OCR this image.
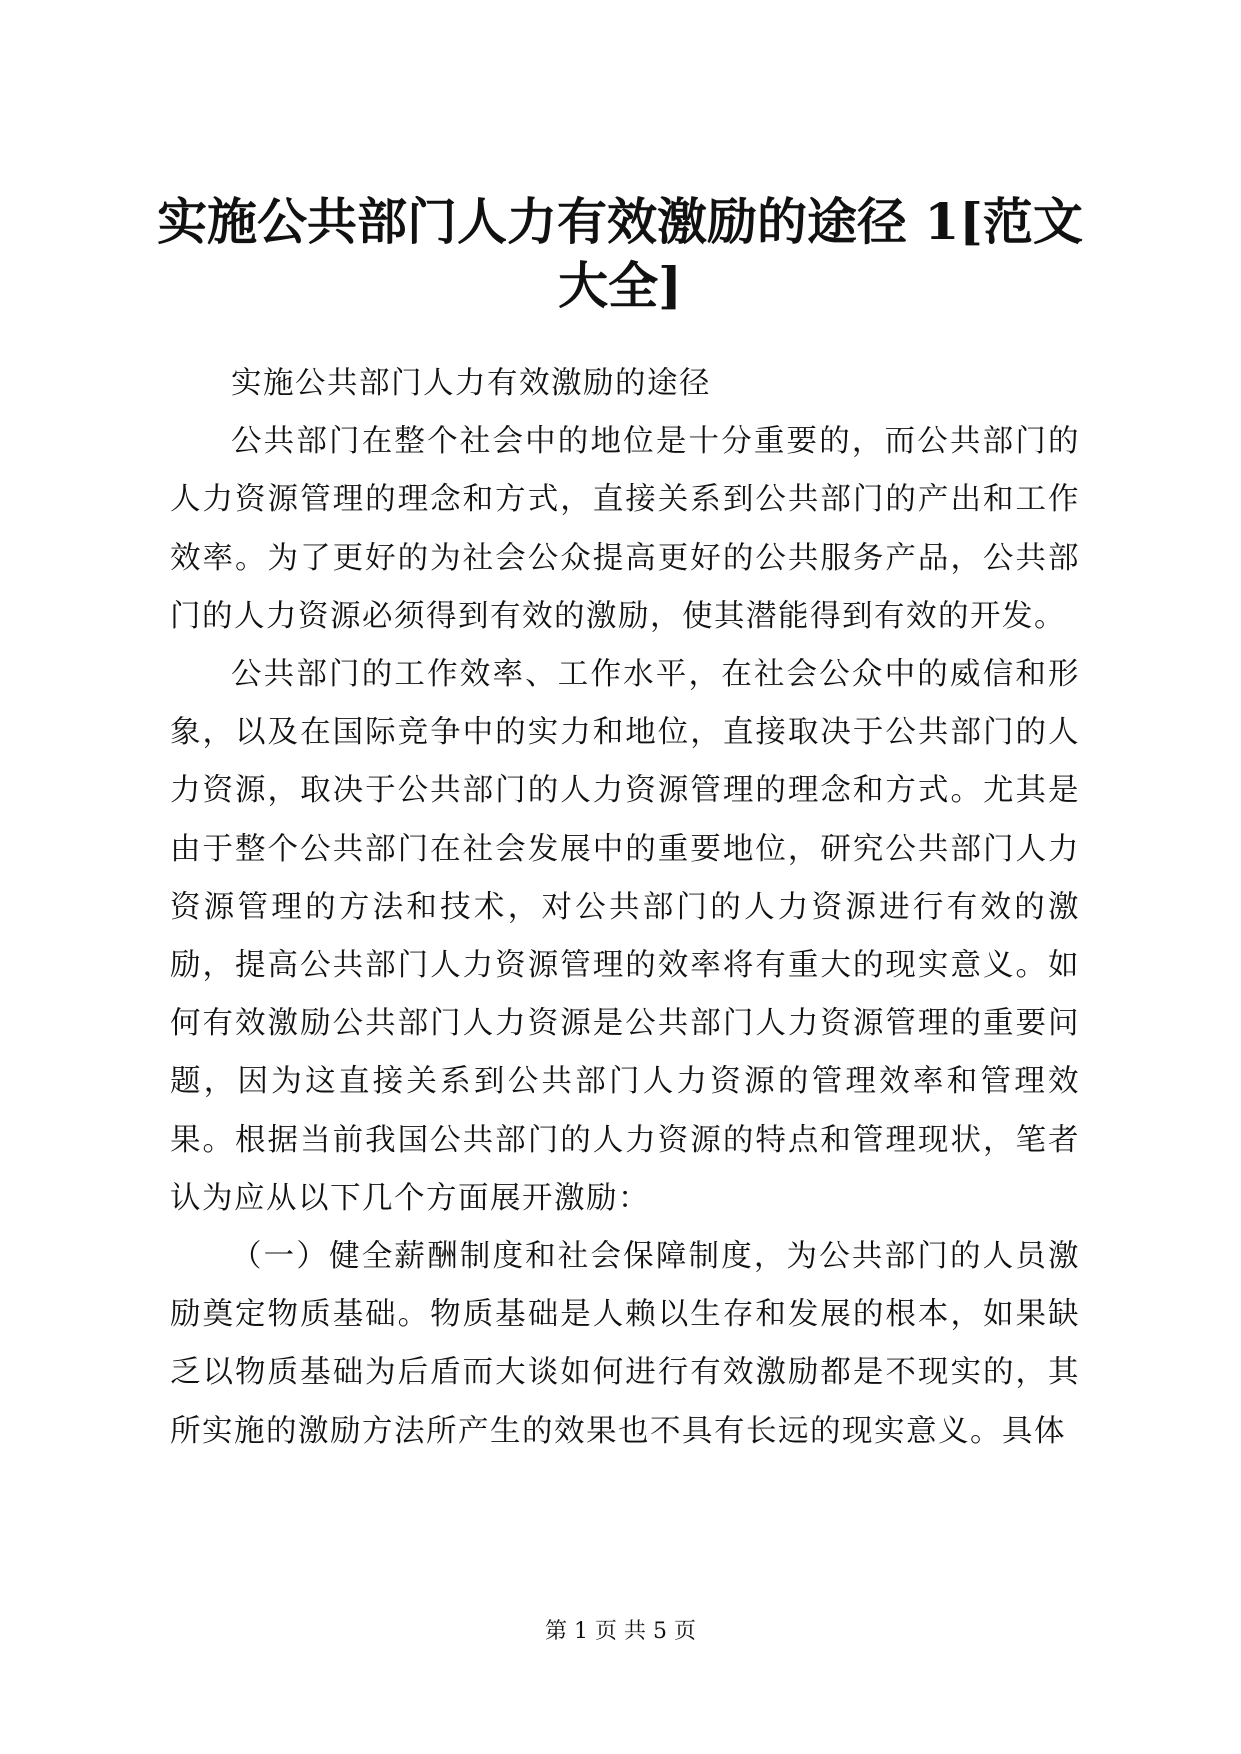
实施公共部门人力有效激励的途径 1[范文大全]

实施公共部门人力有效激励的途径

公共部门在整个社会中的地位是十分重要的，而公共部门的人力资源管理的理念和方式，直接关系到公共部门的产出和工作效率。为了更好的为社会公众提高更好的公共服务产品，公共部门的人力资源必须得到有效的激励，使其潜能得到有效的开发。

公共部门的工作效率、工作水平，在社会公众中的威信和形象，以及在国际竞争中的实力和地位，直接取决于公共部门的人力资源，取决于公共部门的人力资源管理的理念和方式。尤其是由于整个公共部门在社会发展中的重要地位，研究公共部门人力资源管理的方法和技术，对公共部门的人力资源进行有效的激励，提高公共部门人力资源管理的效率将有重大的现实意义。如何有效激励公共部门人力资源是公共部门人力资源管理的重要问题，因为这直接关系到公共部门人力资源的管理效率和管理效果。根据当前我国公共部门的人力资源的特点和管理现状，笔者认为应从以下几个方面展开激励：

（一）健全薪酬制度和社会保障制度，为公共部门的人员激励奠定物质基础。物质基础是人赖以生存和发展的根本，如果缺乏以物质基础为后盾而大谈如何进行有效激励都是不现实的，其所实施的激励方法所产生的效果也不具有长远的现实意义。具体

第 1 页 共 5 页
